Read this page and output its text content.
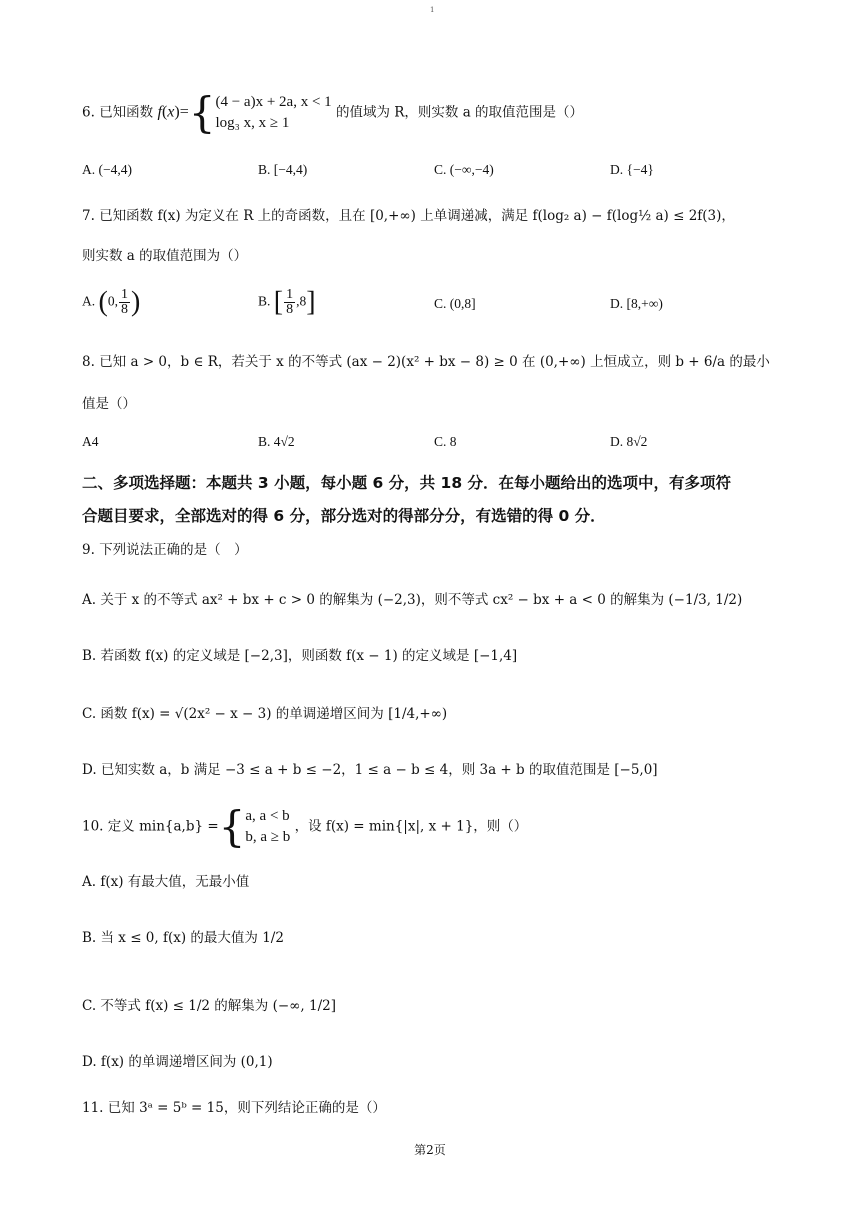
1
6. 已知函数 f(x)={ (4 − a)x + 2a, x < 1
log₃ x, x ≥ 1
的值域为 R，则实数 a 的取值范围是（）
A. (−4,4)	B. [−4,4)	C. (−∞,−4)	D. {−4}
7. 已知函数 f(x) 为定义在 R 上的奇函数，且在 [0,+∞) 上单调递减，满足 f(log₂ a) − f(log½ a) ≤ 2f(3)，
则实数 a 的取值范围为（）
A. (0, $\frac{1}{8}$ )	B. [ $\frac{1}{8} ,8$]	C. (0,8]	D. [8,+∞)
8. 已知 a > 0，b ∈ R，若关于 x 的不等式 (ax − 2)(x² + bx − 8) ≥ 0 在 (0,+∞) 上恒成立，则 b + 6/a 的最小
值是（）
A4	B. 4√2	C. 8	D. 8√2
二、多项选择题：本题共 3 小题，每小题 6 分，共 18 分．在每小题给出的选项中，有多项符
合题目要求，全部选对的得 6 分，部分选对的得部分分，有选错的得 0 分．
9. 下列说法正确的是（　）
A. 关于 x 的不等式 ax² + bx + c > 0 的解集为 (−2,3)，则不等式 cx² − bx + a < 0 的解集为 (−1/3, 1/2)
B. 若函数 f(x) 的定义域是 [−2,3]，则函数 f(x − 1) 的定义域是 [−1,4]
C. 函数 f(x) = √(2x² − x − 3) 的单调递增区间为 [1/4,+∞)
D. 已知实数 a，b 满足 −3 ≤ a + b ≤ −2，1 ≤ a − b ≤ 4，则 3a + b 的取值范围是 [−5,0]
10. 定义 min{a,b} ={ a, a < b
b, a ≥ b
，设 f(x) = min{|x|, x + 1}，则（）
A. f(x) 有最大值，无最小值
B. 当 x ≤ 0, f(x) 的最大值为 1/2
C. 不等式 f(x) ≤ 1/2 的解集为 (−∞, 1/2]
D. f(x) 的单调递增区间为 (0,1)
11. 已知 3ᵃ = 5ᵇ = 15，则下列结论正确的是（）
第2页
